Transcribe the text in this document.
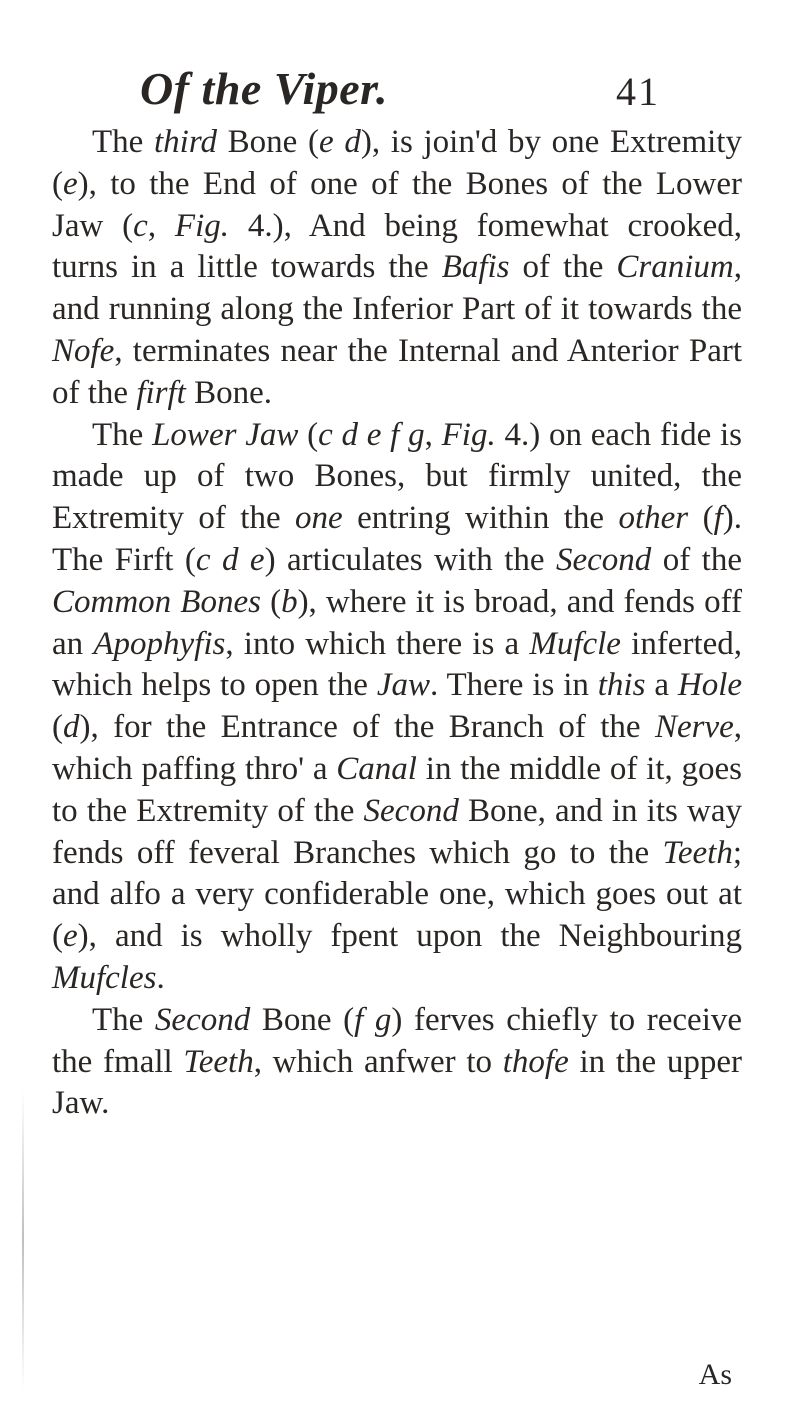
Of the Viper.	41

The third Bone (e d), is join'd by one Extremity (e), to the End of one of the Bones of the Lower Jaw (c, Fig. 4.), And being fomewhat crooked, turns in a little towards the Bafis of the Cranium, and running along the Inferior Part of it towards the Nofe, terminates near the Internal and Anterior Part of the firft Bone.

The Lower Jaw (c d e f g, Fig. 4.) on each fide is made up of two Bones, but firmly united, the Extremity of the one entring within the other (f). The Firft (c d e) articulates with the Second of the Common Bones (b), where it is broad, and fends off an Apophyfis, into which there is a Mufcle inferted, which helps to open the Jaw. There is in this a Hole (d), for the Entrance of the Branch of the Nerve, which paffing thro' a Canal in the middle of it, goes to the Extremity of the Second Bone, and in its way fends off feveral Branches which go to the Teeth; and alfo a very confiderable one, which goes out at (e), and is wholly fpent upon the Neighbouring Mufcles.

The Second Bone (f g) ferves chiefly to receive the fmall Teeth, which anfwer to thofe in the upper Jaw.

As
